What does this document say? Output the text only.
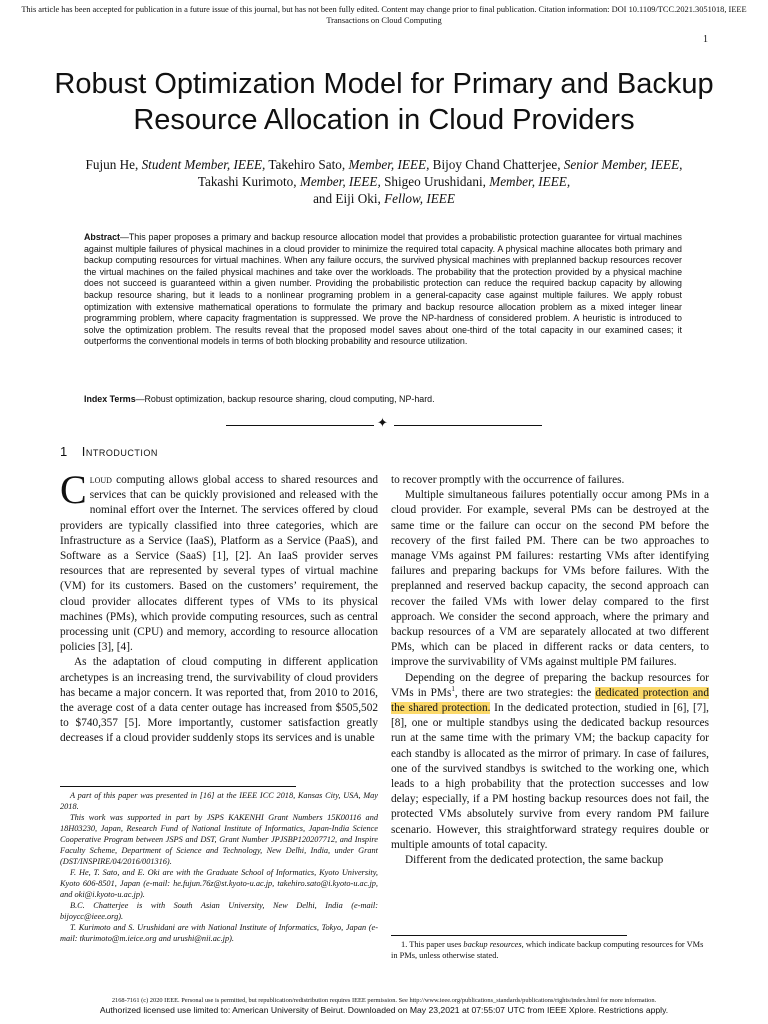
This article has been accepted for publication in a future issue of this journal, but has not been fully edited. Content may change prior to final publication. Citation information: DOI 10.1109/TCC.2021.3051018, IEEE Transactions on Cloud Computing
1
Robust Optimization Model for Primary and Backup Resource Allocation in Cloud Providers
Fujun He, Student Member, IEEE, Takehiro Sato, Member, IEEE, Bijoy Chand Chatterjee, Senior Member, IEEE, Takashi Kurimoto, Member, IEEE, Shigeo Urushidani, Member, IEEE,
and Eiji Oki, Fellow, IEEE
Abstract—This paper proposes a primary and backup resource allocation model that provides a probabilistic protection guarantee for virtual machines against multiple failures of physical machines in a cloud provider to minimize the required total capacity. A physical machine allocates both primary and backup computing resources for virtual machines. When any failure occurs, the survived physical machines with preplanned backup resources recover the virtual machines on the failed physical machines and take over the workloads. The probability that the protection provided by a physical machine does not succeed is guaranteed within a given number. Providing the probabilistic protection can reduce the required backup capacity by allowing backup resource sharing, but it leads to a nonlinear programing problem in a general-capacity case against multiple failures. We apply robust optimization with extensive mathematical operations to formulate the primary and backup resource allocation problem as a mixed integer linear programming problem, where capacity fragmentation is suppressed. We prove the NP-hardness of considered problem. A heuristic is introduced to solve the optimization problem. The results reveal that the proposed model saves about one-third of the total capacity in our examined cases; it outperforms the conventional models in terms of both blocking probability and resource utilization.
Index Terms—Robust optimization, backup resource sharing, cloud computing, NP-hard.
✦
1 Introduction

Cloud computing allows global access to shared resources and services that can be quickly provisioned and released with the nominal effort over the Internet. The services offered by cloud providers are typically classified into three categories, which are Infrastructure as a Service (IaaS), Platform as a Service (PaaS), and Software as a Service (SaaS) [1], [2]. An IaaS provider serves resources that are represented by several types of virtual machine (VM) for its customers. Based on the customers’ requirement, the cloud provider allocates different types of VMs to its physical machines (PMs), which provide computing resources, such as central processing unit (CPU) and memory, according to resource allocation policies [3], [4].

As the adaptation of cloud computing in different application archetypes is an increasing trend, the survivability of cloud providers has became a major concern. It was reported that, from 2010 to 2016, the average cost of a data center outage has increased from $505,502 to $740,357 [5]. More importantly, customer satisfaction greatly decreases if a cloud provider suddenly stops its services and is unable

to recover promptly with the occurrence of failures.

Multiple simultaneous failures potentially occur among PMs in a cloud provider. For example, several PMs can be destroyed at the same time or the failure can occur on the second PM before the recovery of the first failed PM. There can be two approaches to manage VMs against PM failures: restarting VMs after identifying failures and preparing backups for VMs before failures. With the preplanned and reserved backup capacity, the second approach can recover the failed VMs with lower delay compared to the first approach. We consider the second approach, where the primary and backup resources of a VM are separately allocated at two different PMs, which can be placed in different racks or data centers, to improve the survivability of VMs against multiple PM failures.

Depending on the degree of preparing the backup resources for VMs in PMs$^1$, there are two strategies: the dedicated protection and the shared protection. In the dedicated protection, studied in [6], [7], [8], one or multiple standbys using the dedicated backup resources run at the same time with the primary VM; the backup capacity for each standby is allocated as the mirror of primary. In case of failures, one of the survived standbys is switched to the working one, which leads to a high probability that the protection successes and low delay; especially, if a PM hosting backup resources does not fail, the protected VMs absolutely survive from every random PM failure scenario. However, this straightforward strategy requires double or multiple amounts of total capacity.

Different from the dedicated protection, the same backup

A part of this paper was presented in [16] at the IEEE ICC 2018, Kansas City, USA, May 2018.

This work was supported in part by JSPS KAKENHI Grant Numbers 15K00116 and 18H03230, Japan, Research Fund of National Institute of Informatics, Japan-India Science Cooperative Program between JSPS and DST, Grant Number JPJSBP120207712, and Inspire Faculty Scheme, Department of Science and Technology, New Delhi, India, under Grant (DST/INSPIRE/04/2016/001316).

F. He, T. Sato, and E. Oki are with the Graduate School of Informatics, Kyoto University, Kyoto 606-8501, Japan (e-mail: he.fujun.76z@st.kyoto-u.ac.jp, takehiro.sato@i.kyoto-u.ac.jp, and oki@i.kyoto-u.ac.jp).

B.C. Chatterjee is with South Asian University, New Delhi, India (e-mail: bijoycc@ieee.org).

T. Kurimoto and S. Urushidani are with National Institute of Informatics, Tokyo, Japan (e-mail: tkurimoto@m.ieice.org and urushi@nii.ac.jp).

1. This paper uses backup resources, which indicate backup computing resources for VMs in PMs, unless otherwise stated.

2168-7161 (c) 2020 IEEE. Personal use is permitted, but republication/redistribution requires IEEE permission. See http://www.ieee.org/publications_standards/publications/rights/index.html for more information.
Authorized licensed use limited to: American University of Beirut. Downloaded on May 23,2021 at 07:55:07 UTC from IEEE Xplore. Restrictions apply.
